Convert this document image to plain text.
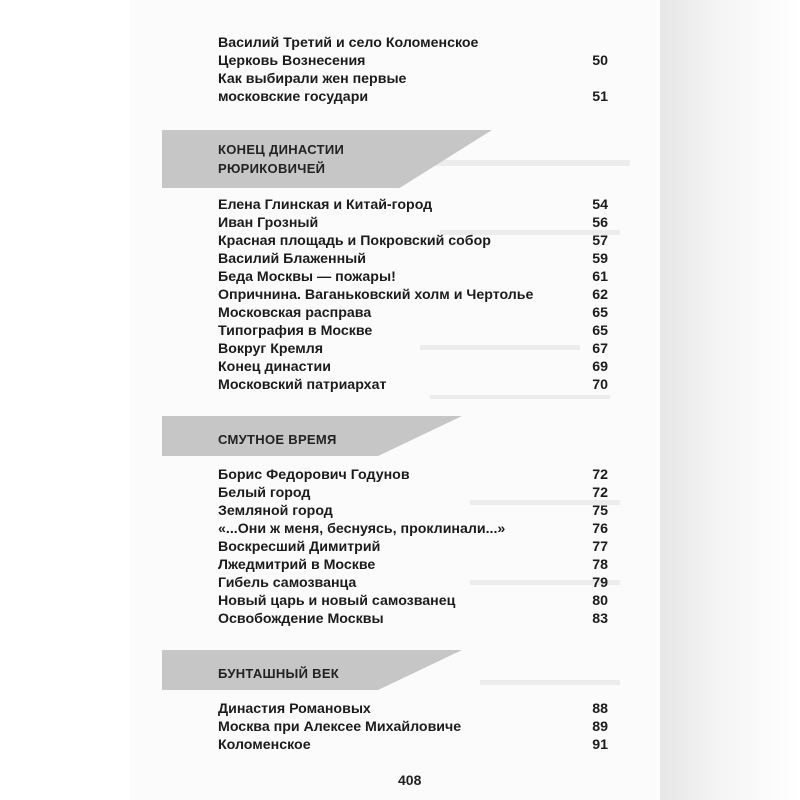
Василий Третий и село Коломенское
Церковь Вознесения	50
Как выбирали жен первые московские государи	51
КОНЕЦ ДИНАСТИИ РЮРИКОВИЧЕЙ
Елена Глинская и Китай-город	54
Иван Грозный	56
Красная площадь и Покровский собор	57
Василий Блаженный	59
Беда Москвы — пожары!	61
Опричнина. Ваганьковский холм и Чертолье	62
Московская расправа	65
Типография в Москве	65
Вокруг Кремля	67
Конец династии	69
Московский патриархат	70
СМУТНОЕ ВРЕМЯ
Борис Федорович Годунов	72
Белый город	72
Земляной город	75
«...Они ж меня, беснуясь, проклинали...»	76
Воскресший Димитрий	77
Лжедмитрий в Москве	78
Гибель самозванца	79
Новый царь и новый самозванец	80
Освобождение Москвы	83
БУНТАШНЫЙ ВЕК
Династия Романовых	88
Москва при Алексее Михайловиче	89
Коломенское	91
408
